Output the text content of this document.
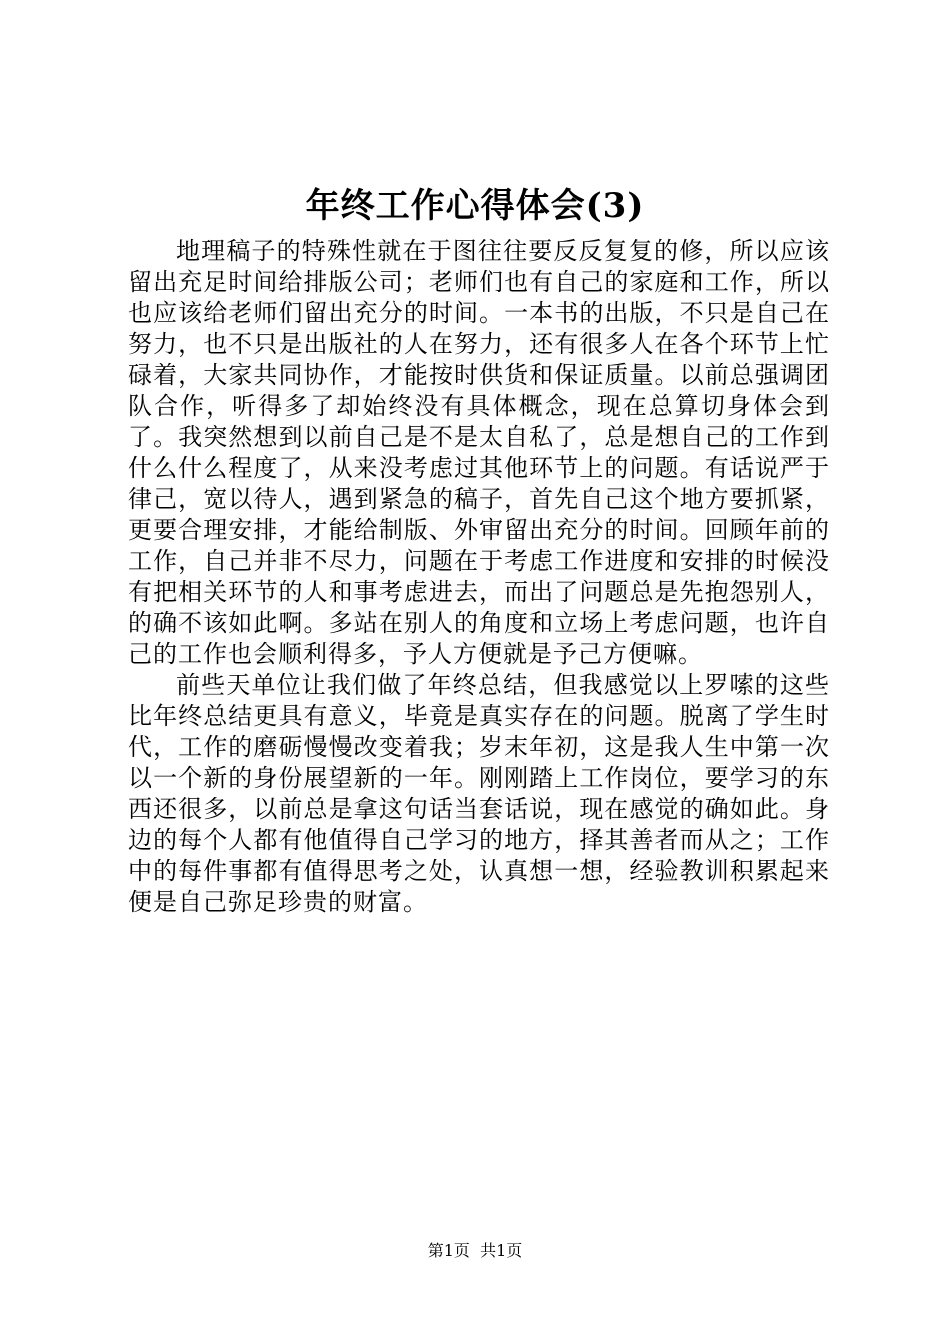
年终工作心得体会(3)

地理稿子的特殊性就在于图往往要反反复复的修，所以应该留出充足时间给排版公司；老师们也有自己的家庭和工作，所以也应该给老师们留出充分的时间。一本书的出版，不只是自己在努力，也不只是出版社的人在努力，还有很多人在各个环节上忙碌着，大家共同协作，才能按时供货和保证质量。以前总强调团队合作，听得多了却始终没有具体概念，现在总算切身体会到了。我突然想到以前自己是不是太自私了，总是想自己的工作到什么什么程度了，从来没考虑过其他环节上的问题。有话说严于律己，宽以待人，遇到紧急的稿子，首先自己这个地方要抓紧，更要合理安排，才能给制版、外审留出充分的时间。回顾年前的工作，自己并非不尽力，问题在于考虑工作进度和安排的时候没有把相关环节的人和事考虑进去，而出了问题总是先抱怨别人，的确不该如此啊。多站在别人的角度和立场上考虑问题，也许自己的工作也会顺利得多，予人方便就是予己方便嘛。

前些天单位让我们做了年终总结，但我感觉以上罗嗦的这些比年终总结更具有意义，毕竟是真实存在的问题。脱离了学生时代，工作的磨砺慢慢改变着我；岁末年初，这是我人生中第一次以一个新的身份展望新的一年。刚刚踏上工作岗位，要学习的东西还很多，以前总是拿这句话当套话说，现在感觉的确如此。身边的每个人都有他值得自己学习的地方，择其善者而从之；工作中的每件事都有值得思考之处，认真想一想，经验教训积累起来便是自己弥足珍贵的财富。

第1页  共1页
